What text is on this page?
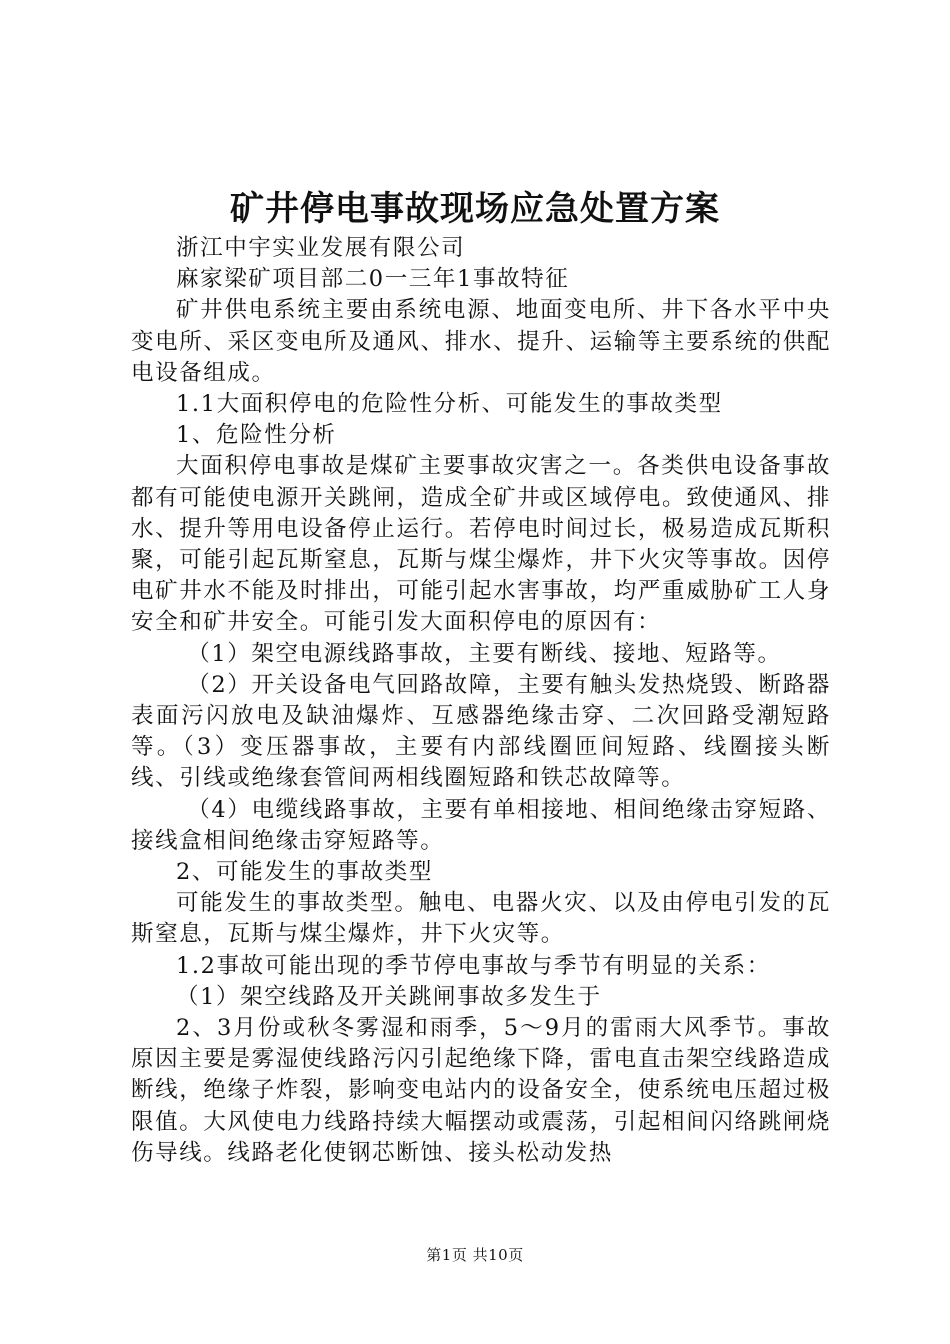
矿井停电事故现场应急处置方案

浙江中宇实业发展有限公司

麻家梁矿项目部二0一三年1事故特征

矿井供电系统主要由系统电源、地面变电所、井下各水平中央变电所、采区变电所及通风、排水、提升、运输等主要系统的供配电设备组成。

1.1大面积停电的危险性分析、可能发生的事故类型

1、危险性分析

大面积停电事故是煤矿主要事故灾害之一。各类供电设备事故都有可能使电源开关跳闸，造成全矿井或区域停电。致使通风、排水、提升等用电设备停止运行。若停电时间过长，极易造成瓦斯积聚，可能引起瓦斯窒息，瓦斯与煤尘爆炸，井下火灾等事故。因停电矿井水不能及时排出，可能引起水害事故，均严重威胁矿工人身安全和矿井安全。可能引发大面积停电的原因有：

（1）架空电源线路事故，主要有断线、接地、短路等。

（2）开关设备电气回路故障，主要有触头发热烧毁、断路器表面污闪放电及缺油爆炸、互感器绝缘击穿、二次回路受潮短路等。（3）变压器事故，主要有内部线圈匝间短路、线圈接头断线、引线或绝缘套管间两相线圈短路和铁芯故障等。

（4）电缆线路事故，主要有单相接地、相间绝缘击穿短路、接线盒相间绝缘击穿短路等。

2、可能发生的事故类型

可能发生的事故类型。触电、电器火灾、以及由停电引发的瓦斯窒息，瓦斯与煤尘爆炸，井下火灾等。

1.2事故可能出现的季节停电事故与季节有明显的关系：

（1）架空线路及开关跳闸事故多发生于

2、3月份或秋冬雾湿和雨季，5～9月的雷雨大风季节。事故原因主要是雾湿使线路污闪引起绝缘下降，雷电直击架空线路造成断线，绝缘子炸裂，影响变电站内的设备安全，使系统电压超过极限值。大风使电力线路持续大幅摆动或震荡，引起相间闪络跳闸烧伤导线。线路老化使钢芯断蚀、接头松动发热

第1页 共10页
